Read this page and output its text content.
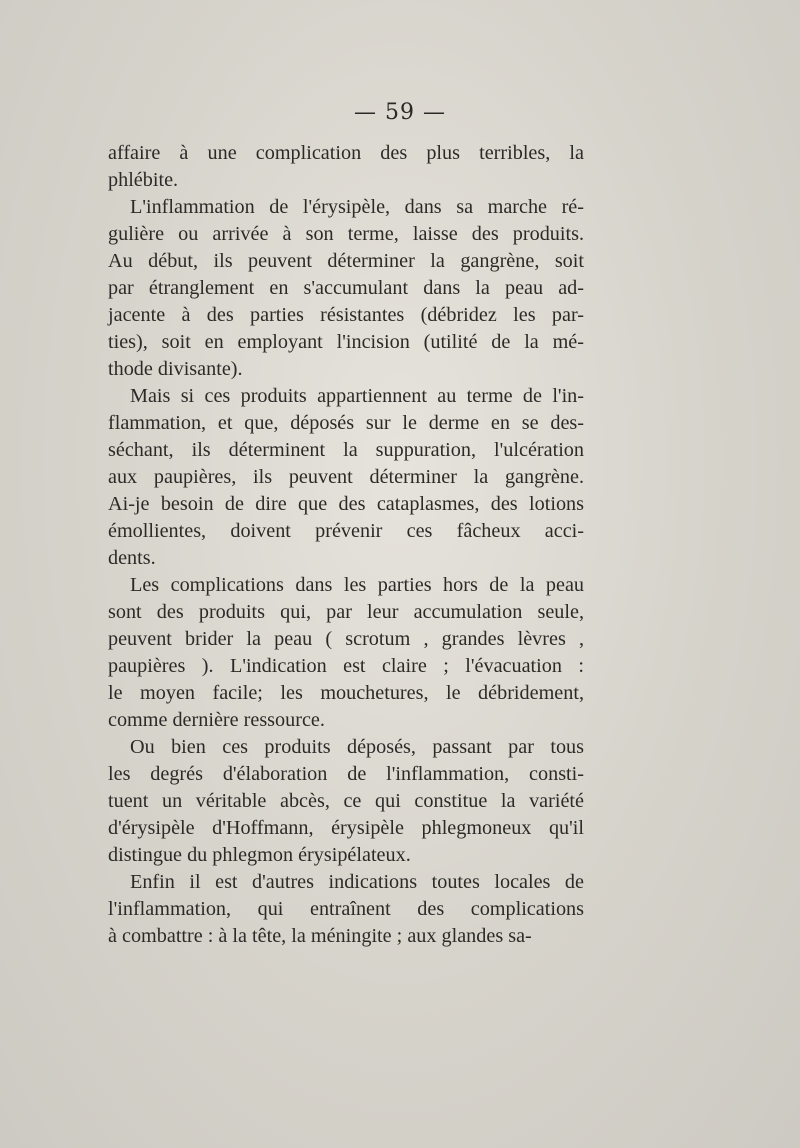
— 59 —
affaire à une complication des plus terribles, la
phlébite.
L'inflammation de l'érysipèle, dans sa marche ré-
gulière ou arrivée à son terme, laisse des produits.
Au début, ils peuvent déterminer la gangrène, soit
par étranglement en s'accumulant dans la peau ad-
jacente à des parties résistantes (débridez les par-
ties), soit en employant l'incision (utilité de la mé-
thode divisante).
Mais si ces produits appartiennent au terme de l'in-
flammation, et que, déposés sur le derme en se des-
séchant, ils déterminent la suppuration, l'ulcération
aux paupières, ils peuvent déterminer la gangrène.
Ai-je besoin de dire que des cataplasmes, des lotions
émollientes, doivent prévenir ces fâcheux acci-
dents.
Les complications dans les parties hors de la peau
sont des produits qui, par leur accumulation seule,
peuvent brider la peau ( scrotum , grandes lèvres ,
paupières ). L'indication est claire ; l'évacuation :
le moyen facile; les mouchetures, le débridement,
comme dernière ressource.
Ou bien ces produits déposés, passant par tous
les degrés d'élaboration de l'inflammation, consti-
tuent un véritable abcès, ce qui constitue la variété
d'érysipèle d'Hoffmann, érysipèle phlegmoneux qu'il
distingue du phlegmon érysipélateux.
Enfin il est d'autres indications toutes locales de
l'inflammation, qui entraînent des complications
à combattre : à la tête, la méningite ; aux glandes sa-
